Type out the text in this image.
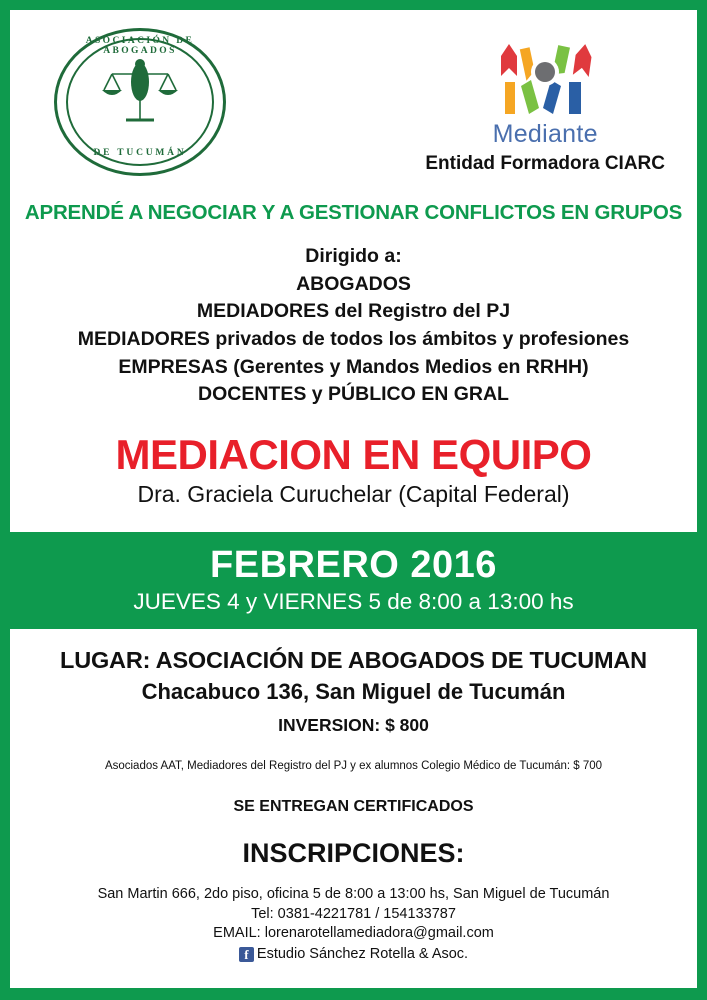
ASOCIACIÓN DE ABOGADOS
DE TUCUMÁN
Mediante
Entidad Formadora CIARC
APRENDÉ A NEGOCIAR Y A GESTIONAR CONFLICTOS EN GRUPOS
Dirigido a:
ABOGADOS
MEDIADORES del Registro del PJ
MEDIADORES privados de todos los ámbitos y profesiones
EMPRESAS (Gerentes y Mandos Medios en RRHH)
DOCENTES y PÚBLICO EN GRAL
MEDIACION EN EQUIPO
Dra. Graciela Curuchelar (Capital Federal)
FEBRERO 2016
JUEVES 4 y VIERNES 5 de 8:00 a 13:00 hs
LUGAR: ASOCIACIÓN DE ABOGADOS DE TUCUMAN
Chacabuco 136, San Miguel de Tucumán
INVERSION: $ 800
Asociados AAT, Mediadores del Registro del PJ y ex alumnos Colegio Médico de Tucumán: $ 700
SE ENTREGAN CERTIFICADOS
INSCRIPCIONES:
San Martin 666, 2do piso, oficina 5 de 8:00 a 13:00 hs, San Miguel de Tucumán
Tel: 0381-4221781 / 154133787
EMAIL: lorenarotellamediadora@gmail.com
f Estudio Sánchez Rotella & Asoc.
